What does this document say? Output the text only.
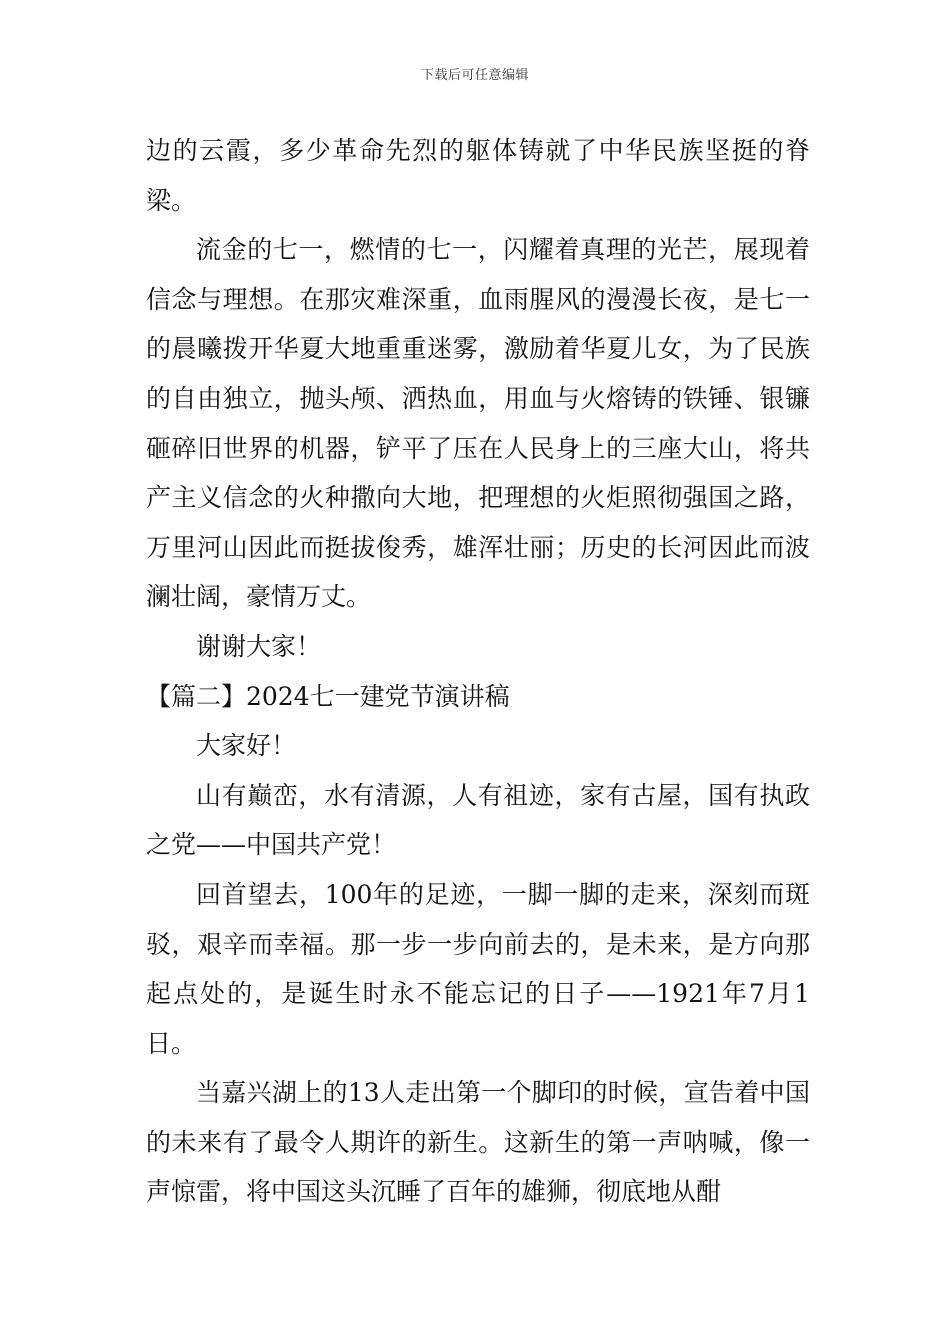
下载后可任意编辑

边的云霞，多少革命先烈的躯体铸就了中华民族坚挺的脊梁。

流金的七一，燃情的七一，闪耀着真理的光芒，展现着信念与理想。在那灾难深重，血雨腥风的漫漫长夜，是七一的晨曦拨开华夏大地重重迷雾，激励着华夏儿女，为了民族的自由独立，抛头颅、洒热血，用血与火熔铸的铁锤、银镰砸碎旧世界的机器，铲平了压在人民身上的三座大山，将共产主义信念的火种撒向大地，把理想的火炬照彻强国之路，万里河山因此而挺拔俊秀，雄浑壮丽；历史的长河因此而波澜壮阔，豪情万丈。

谢谢大家！

【篇二】2024七一建党节演讲稿

大家好！

山有巅峦，水有清源，人有祖迹，家有古屋，国有执政之党——中国共产党！

回首望去，100年的足迹，一脚一脚的走来，深刻而斑驳，艰辛而幸福。那一步一步向前去的，是未来，是方向那起点处的，是诞生时永不能忘记的日子——1921年7月1日。

当嘉兴湖上的13人走出第一个脚印的时候，宣告着中国的未来有了最令人期许的新生。这新生的第一声呐喊，像一声惊雷，将中国这头沉睡了百年的雄狮，彻底地从酣
